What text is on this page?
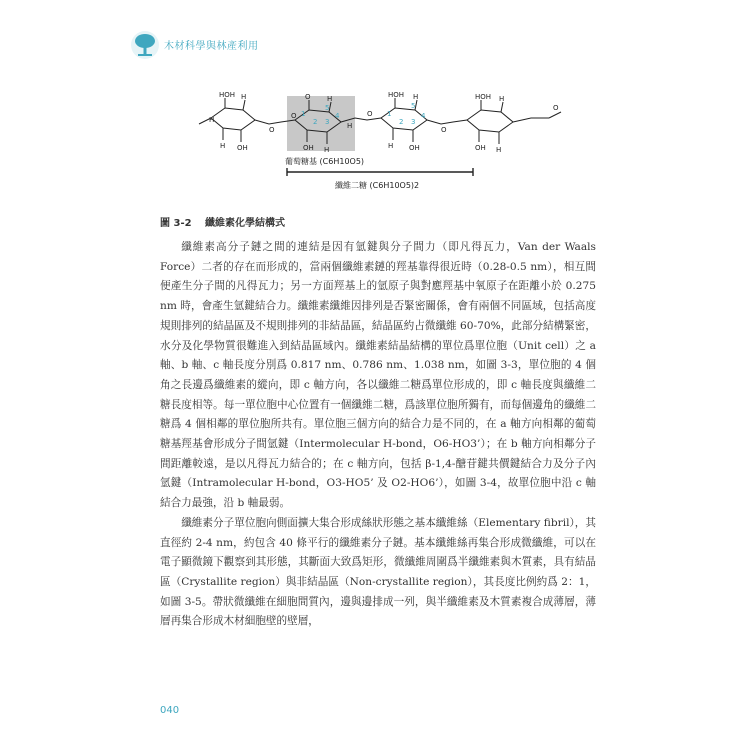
木材科學與林產利用
HOH H
H
O
H OH
O H
O
H
OH H
HOH H
O
O
H OH
HOH H
OH H
O
1
2 3
4
5
1
2 3
4
5
葡萄糖基 (C6H10O5)
纖維二糖 (C6H10O5)2
圖 3-2 纖維素化學結構式

纖維素高分子鏈之間的連結是因有氫鍵與分子間力（即凡得瓦力，Van der Waals Force）二者的存在而形成的，當兩個纖維素鏈的羥基靠得很近時（0.28-0.5 nm），相互間便產生分子間的凡得瓦力；另一方面羥基上的氫原子與對應羥基中氧原子在距離小於 0.275 nm 時，會產生氫鍵結合力。纖維素纖維因排列是否緊密關係，會有兩個不同區域，包括高度規則排列的結晶區及不規則排列的非結晶區，結晶區約占微纖維 60-70%，此部分結構緊密，水分及化學物質很難進入到結晶區域內。纖維素結晶結構的單位爲單位胞（Unit cell）之 a 軸、b 軸、c 軸長度分別爲 0.817 nm、0.786 nm、1.038 nm，如圖 3-3，單位胞的 4 個角之長邊爲纖維素的縱向，即 c 軸方向，各以纖維二糖爲單位形成的，即 c 軸長度與纖維二糖長度相等。每一單位胞中心位置有一個纖維二糖，爲該單位胞所獨有，而每個邊角的纖維二糖爲 4 個相鄰的單位胞所共有。單位胞三個方向的結合力是不同的，在 a 軸方向相鄰的葡萄糖基羥基會形成分子間氫鍵（Intermolecular H-bond，O6-HO3’）；在 b 軸方向相鄰分子間距離較遠，是以凡得瓦力結合的；在 c 軸方向，包括 β-1,4-醣苷鍵共價鍵結合力及分子內氫鍵（Intramolecular H-bond，O3-HO5’ 及 O2-HO6’），如圖 3-4，故單位胞中沿 c 軸結合力最強，沿 b 軸最弱。

纖維素分子單位胞向側面擴大集合形成絲狀形態之基本纖維絲（Elementary fibril），其直徑約 2-4 nm，約包含 40 條平行的纖維素分子鏈。基本纖維絲再集合形成微纖維，可以在電子顯微鏡下觀察到其形態，其斷面大致爲矩形，微纖維周圍爲半纖維素與木質素，具有結晶區（Crystallite region）與非結晶區（Non-crystallite region），其長度比例約爲 2：1，如圖 3-5。帶狀微纖維在細胞間質內，邊與邊排成一列，與半纖維素及木質素複合成薄層，薄層再集合形成木材細胞壁的壁層，

040
